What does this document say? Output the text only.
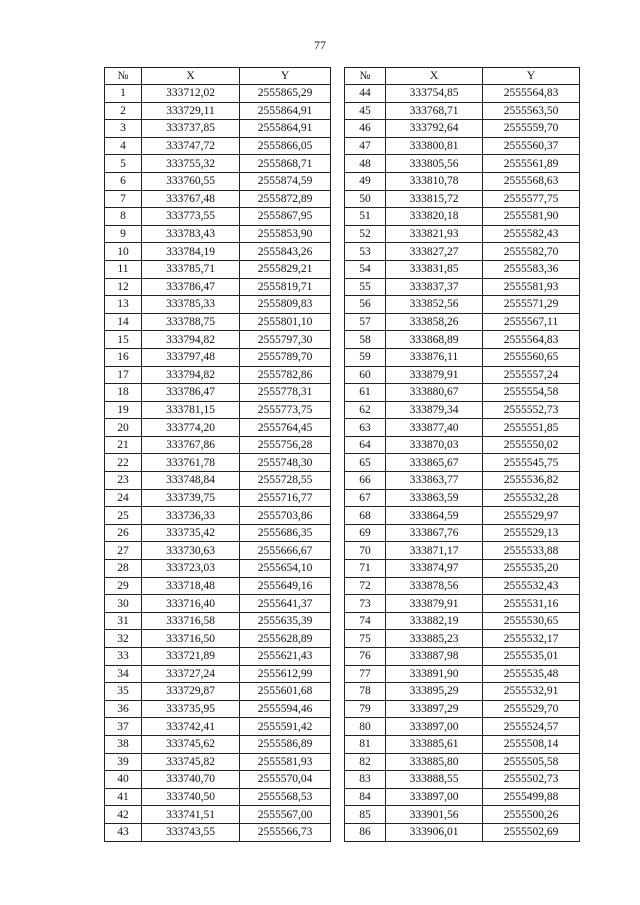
77
№	X	Y		№	X	Y
1	333712,02	2555865,29		44	333754,85	2555564,83
2	333729,11	2555864,91		45	333768,71	2555563,50
3	333737,85	2555864,91		46	333792,64	2555559,70
4	333747,72	2555866,05		47	333800,81	2555560,37
5	333755,32	2555868,71		48	333805,56	2555561,89
6	333760,55	2555874,59		49	333810,78	2555568,63
7	333767,48	2555872,89		50	333815,72	2555577,75
8	333773,55	2555867,95		51	333820,18	2555581,90
9	333783,43	2555853,90		52	333821,93	2555582,43
10	333784,19	2555843,26		53	333827,27	2555582,70
11	333785,71	2555829,21		54	333831,85	2555583,36
12	333786,47	2555819,71		55	333837,37	2555581,93
13	333785,33	2555809,83		56	333852,56	2555571,29
14	333788,75	2555801,10		57	333858,26	2555567,11
15	333794,82	2555797,30		58	333868,89	2555564,83
16	333797,48	2555789,70		59	333876,11	2555560,65
17	333794,82	2555782,86		60	333879,91	2555557,24
18	333786,47	2555778,31		61	333880,67	2555554,58
19	333781,15	2555773,75		62	333879,34	2555552,73
20	333774,20	2555764,45		63	333877,40	2555551,85
21	333767,86	2555756,28		64	333870,03	2555550,02
22	333761,78	2555748,30		65	333865,67	2555545,75
23	333748,84	2555728,55		66	333863,77	2555536,82
24	333739,75	2555716,77		67	333863,59	2555532,28
25	333736,33	2555703,86		68	333864,59	2555529,97
26	333735,42	2555686,35		69	333867,76	2555529,13
27	333730,63	2555666,67		70	333871,17	2555533,88
28	333723,03	2555654,10		71	333874,97	2555535,20
29	333718,48	2555649,16		72	333878,56	2555532,43
30	333716,40	2555641,37		73	333879,91	2555531,16
31	333716,58	2555635,39		74	333882,19	2555530,65
32	333716,50	2555628,89		75	333885,23	2555532,17
33	333721,89	2555621,43		76	333887,98	2555535,01
34	333727,24	2555612,99		77	333891,90	2555535,48
35	333729,87	2555601,68		78	333895,29	2555532,91
36	333735,95	2555594,46		79	333897,29	2555529,70
37	333742,41	2555591,42		80	333897,00	2555524,57
38	333745,62	2555586,89		81	333885,61	2555508,14
39	333745,82	2555581,93		82	333885,80	2555505,58
40	333740,70	2555570,04		83	333888,55	2555502,73
41	333740,50	2555568,53		84	333897,00	2555499,88
42	333741,51	2555567,00		85	333901,56	2555500,26
43	333743,55	2555566,73		86	333906,01	2555502,69
